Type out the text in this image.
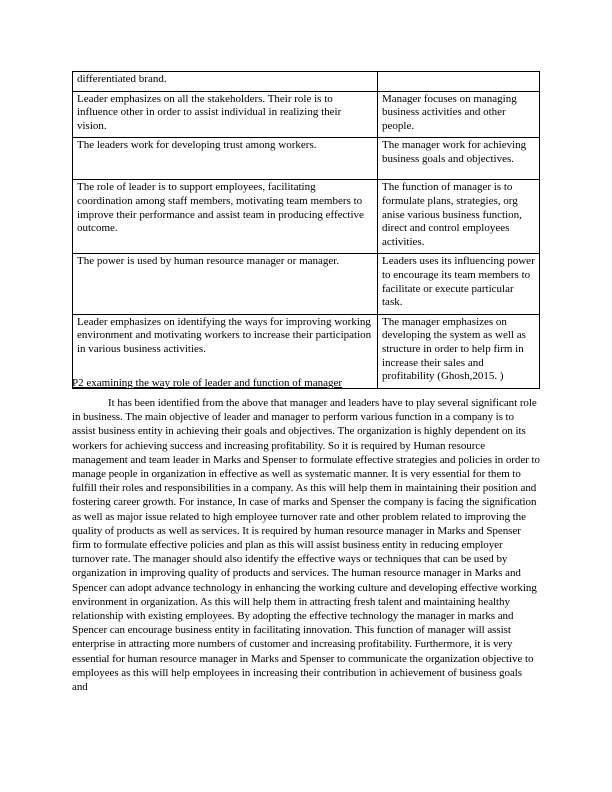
differentiated brand.	
Leader emphasizes on all the stakeholders. Their role is to influence other in order to assist individual in realizing their vision.	Manager focuses on managing business activities and other people.
The leaders work for developing trust among workers.	The manager work for achieving business goals and objectives.
The role of leader is to support employees, facilitating coordination among staff members, motivating team members to improve their performance and assist team in producing effective outcome.	The function of manager is to formulate plans, strategies, org anise various business function, direct and control employees activities.
The power is used by human resource manager or manager.	Leaders uses its influencing power to encourage its team members to facilitate or execute particular task.
Leader emphasizes on identifying the ways for improving working environment and motivating workers to increase their participation in various business activities.	The manager emphasizes on developing the system as well as structure in order to help firm in increase their sales and profitability (Ghosh,2015. )
P2 examining the way role of leader and function of manager

It has been identified from the above that manager and leaders have to play several significant role in business. The main objective of leader and manager to perform various function in a company is to assist business entity in achieving their goals and objectives. The organization is highly dependent on its workers for achieving success and increasing profitability. So it is required by Human resource management and team leader in Marks and Spenser to formulate effective strategies and policies in order to manage people in organization in effective as well as systematic manner. It is very essential for them to fulfill their roles and responsibilities in a company. As this will help them in maintaining their position and fostering career growth. For instance, In case of marks and Spenser the company is facing the signification as well as major issue related to high employee turnover rate and other problem related to improving the quality of products as well as services. It is required by human resource manager in Marks and Spenser firm to formulate effective policies and plan as this will assist business entity in reducing employer turnover rate. The manager should also identify the effective ways or techniques that can be used by organization in improving quality of products and services. The human resource manager in Marks and Spencer can adopt advance technology in enhancing the working culture and developing effective working environment in organization. As this will help them in attracting fresh talent and maintaining healthy relationship with existing employees. By adopting the effective technology the manager in marks and Spencer can encourage business entity in facilitating innovation. This function of manager will assist enterprise in attracting more numbers of customer and increasing profitability. Furthermore, it is very essential for human resource manager in Marks and Spenser to communicate the organization objective to employees as this will help employees in increasing their contribution in achievement of business goals and
